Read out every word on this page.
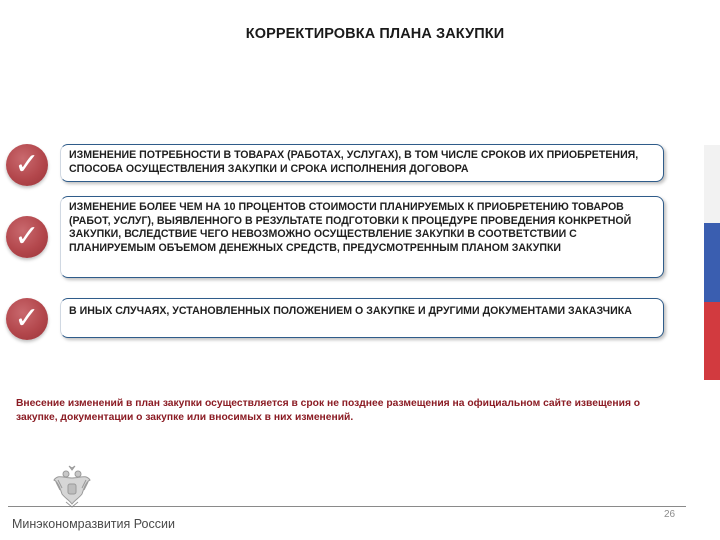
КОРРЕКТИРОВКА ПЛАНА ЗАКУПКИ
✓	ИЗМЕНЕНИЕ ПОТРЕБНОСТИ В ТОВАРАХ (РАБОТАХ, УСЛУГАХ), В ТОМ ЧИСЛЕ СРОКОВ ИХ ПРИОБРЕТЕНИЯ, СПОСОБА ОСУЩЕСТВЛЕНИЯ ЗАКУПКИ И СРОКА ИСПОЛНЕНИЯ ДОГОВОРА
✓
ИЗМЕНЕНИЕ БОЛЕЕ ЧЕМ НА 10 ПРОЦЕНТОВ СТОИМОСТИ ПЛАНИРУЕМЫХ К ПРИОБРЕТЕНИЮ ТОВАРОВ (РАБОТ, УСЛУГ), ВЫЯВЛЕННОГО В РЕЗУЛЬТАТЕ ПОДГОТОВКИ К ПРОЦЕДУРЕ ПРОВЕДЕНИЯ КОНКРЕТНОЙ ЗАКУПКИ, ВСЛЕДСТВИЕ ЧЕГО НЕВОЗМОЖНО ОСУЩЕСТВЛЕНИЕ ЗАКУПКИ В СООТВЕТСТВИИ С ПЛАНИРУЕМЫМ ОБЪЕМОМ ДЕНЕЖНЫХ СРЕДСТВ, ПРЕДУСМОТРЕННЫМ ПЛАНОМ ЗАКУПКИ
✓	В ИНЫХ СЛУЧАЯХ, УСТАНОВЛЕННЫХ ПОЛОЖЕНИЕМ О ЗАКУПКЕ И ДРУГИМИ ДОКУМЕНТАМИ ЗАКАЗЧИКА
Внесение изменений в план закупки осуществляется в срок не позднее размещения на официальном сайте извещения о закупке, документации о закупке или вносимых в них изменений.
Минэкономразвития России
26
